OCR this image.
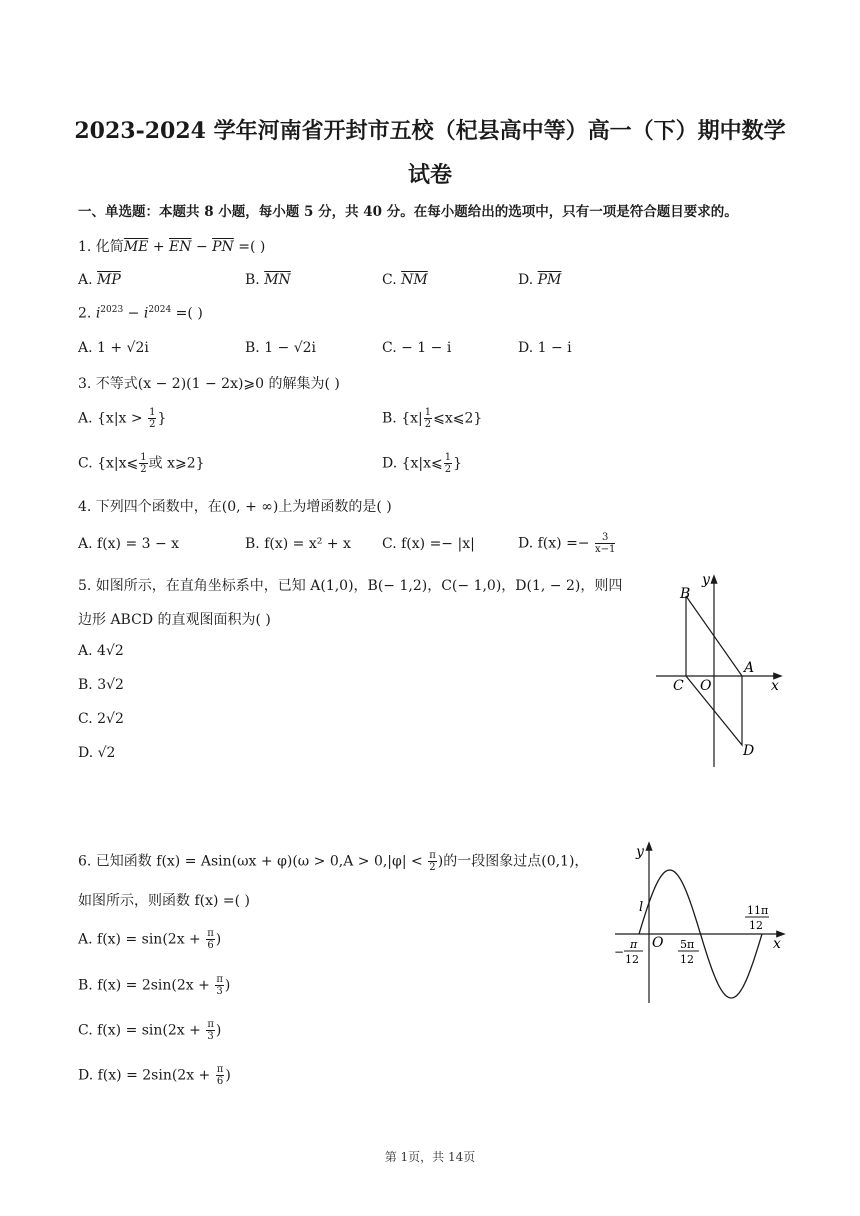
2023-2024 学年河南省开封市五校（杞县高中等）高一（下）期中数学
试卷
一、单选题：本题共 8 小题，每小题 5 分，共 40 分。在每小题给出的选项中，只有一项是符合题目要求的。
1. 化简$\overline{ME} + \overline{EN} - \overline{PN}$ =( )
A. $\overline{MP}$	B. $\overline{MN}$	C. $\overline{NM}$	D. $\overline{PM}$
2. $i^{2023} - i^{2024}$ =( )
A. 1 + √2i	B. 1 − √2i	C. − 1 − i	D. 1 − i
3. 不等式(x − 2)(1 − 2x)⩾0 的解集为( )
A. {$x|x > \frac{1}{2}$ }	B. {$x| \frac{1}{2}$ ⩽x⩽2}
C. {x|x⩽ $\frac{1}{2}$ 或 x⩾2}	D. {x|x⩽ $\frac{1}{2}$ }
4. 下列四个函数中，在(0, + ∞)上为增函数的是( )
A. f(x) = 3 − x	B. f(x) = x² + x C. f(x) =− |x|	D. $f(x) =- \frac{3}{x-1}$
5. 如图所示，在直角坐标系中，已知 A(1,0)，B(− 1,2)，C(− 1,0)，D(1, − 2)，则四
边形 ABCD 的直观图面积为( )
A. 4√2
B. 3√2
C. 2√2
D. √2
y
x
B
A
C O
D
6. 已知函数 $f(x) = Asin(\omega x + \varphi)(\omega > 0,A > 0,|\varphi| < \frac{\pi}{2}$ )的一段图象过点(0,1)，
如图所示，则函数 f(x) =( )
A. $f(x) = \sin(2x + \frac{\pi}{6}$ )
B. $f(x) = 2\sin(2x + \frac{\pi}{3}$ )
C. $f(x) = \sin(2x + \frac{\pi}{3}$ )
D. $f(x) = 2\sin(2x + \frac{\pi}{6}$ )
y
x
l
O
−
π
12
5π
12
11π
12
第 1页，共 14页
